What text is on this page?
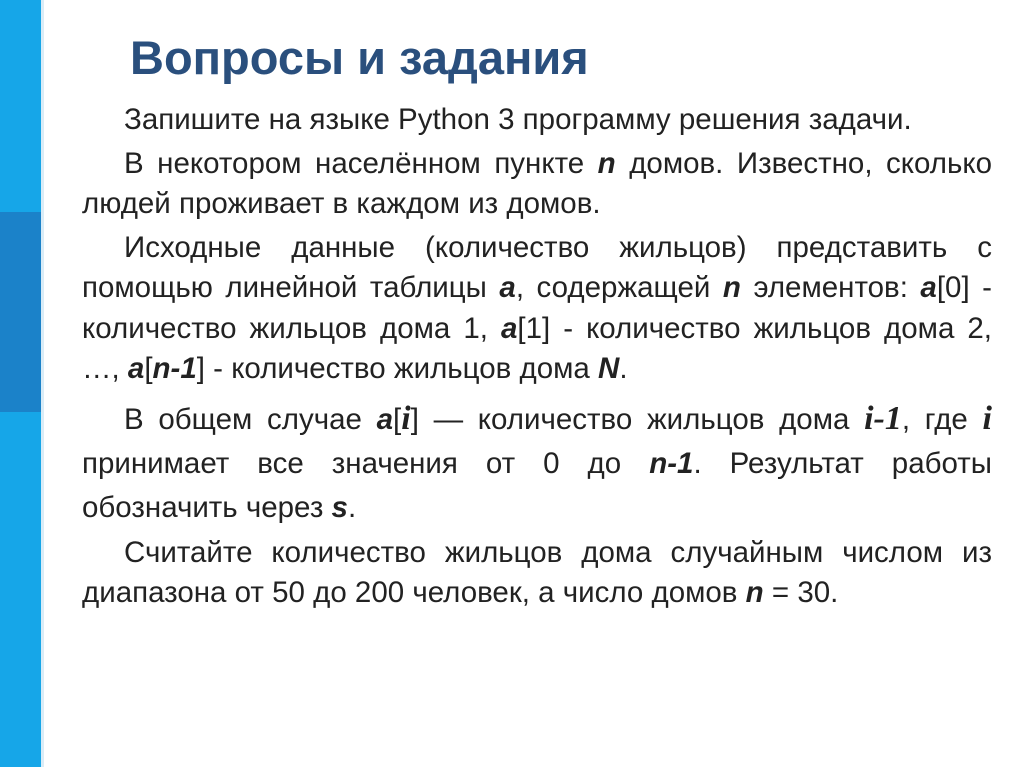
Вопросы и задания

Запишите на языке Python 3 программу решения задачи.

В некотором населённом пункте n домов. Известно, сколько людей проживает в каждом из домов.

Исходные данные (количество жильцов) представить с помощью линейной таблицы a, содержащей n элементов: a[0] - количество жильцов дома 1, a[1] - количество жильцов дома 2, …, a[n-1] - количество жильцов дома N.

В общем случае a[i] — количество жильцов дома i-1, где i принимает все значения от 0 до n-1. Результат работы обозначить через s.

Считайте количество жильцов дома случайным числом из диапазона от 50 до 200 человек, а число домов n = 30.
